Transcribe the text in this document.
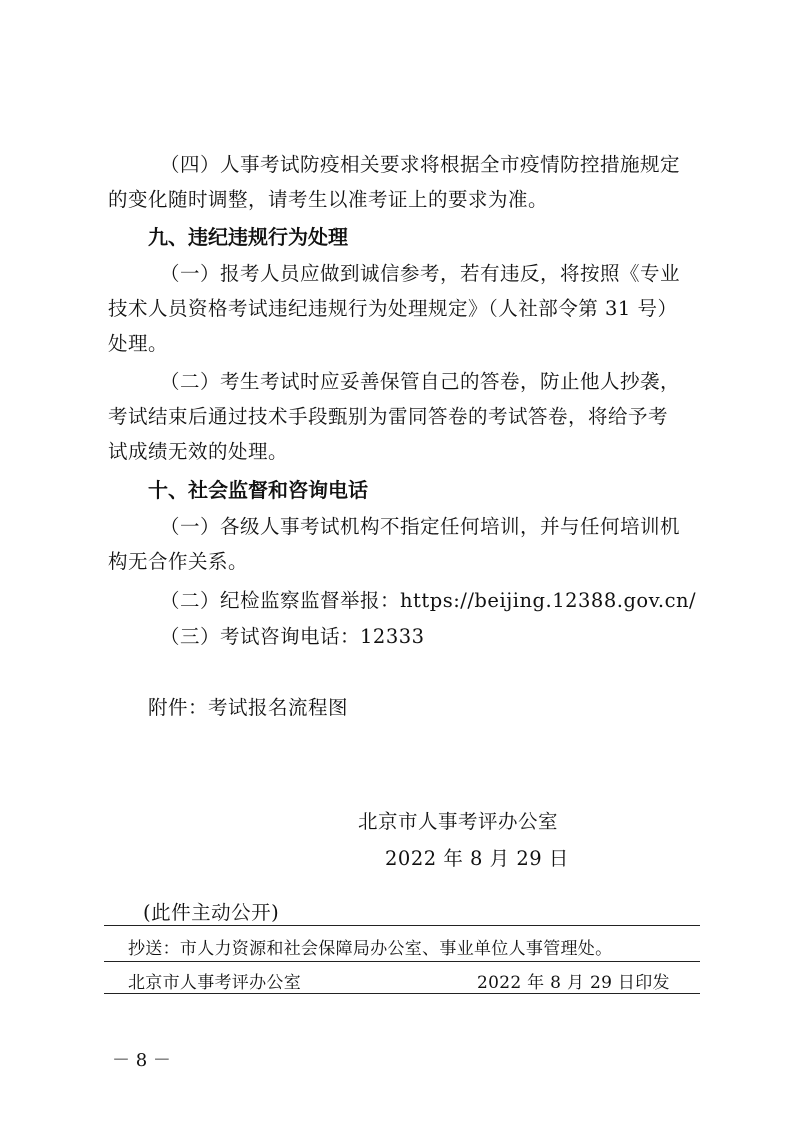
（四）人事考试防疫相关要求将根据全市疫情防控措施规定
的变化随时调整，请考生以准考证上的要求为准。
九、违纪违规行为处理
（一）报考人员应做到诚信参考，若有违反，将按照《专业
技术人员资格考试违纪违规行为处理规定》（人社部令第 31 号）
处理。
（二）考生考试时应妥善保管自己的答卷，防止他人抄袭，
考试结束后通过技术手段甄别为雷同答卷的考试答卷，将给予考
试成绩无效的处理。
十、社会监督和咨询电话
（一）各级人事考试机构不指定任何培训，并与任何培训机
构无合作关系。
（二）纪检监察监督举报：https://beijing.12388.gov.cn/
（三）考试咨询电话：12333
附件：考试报名流程图
北京市人事考评办公室
2022 年 8 月 29 日
(此件主动公开)
抄送：市人力资源和社会保障局办公室、事业单位人事管理处。
北京市人事考评办公室	2022 年 8 月 29 日印发
－ 8 －
